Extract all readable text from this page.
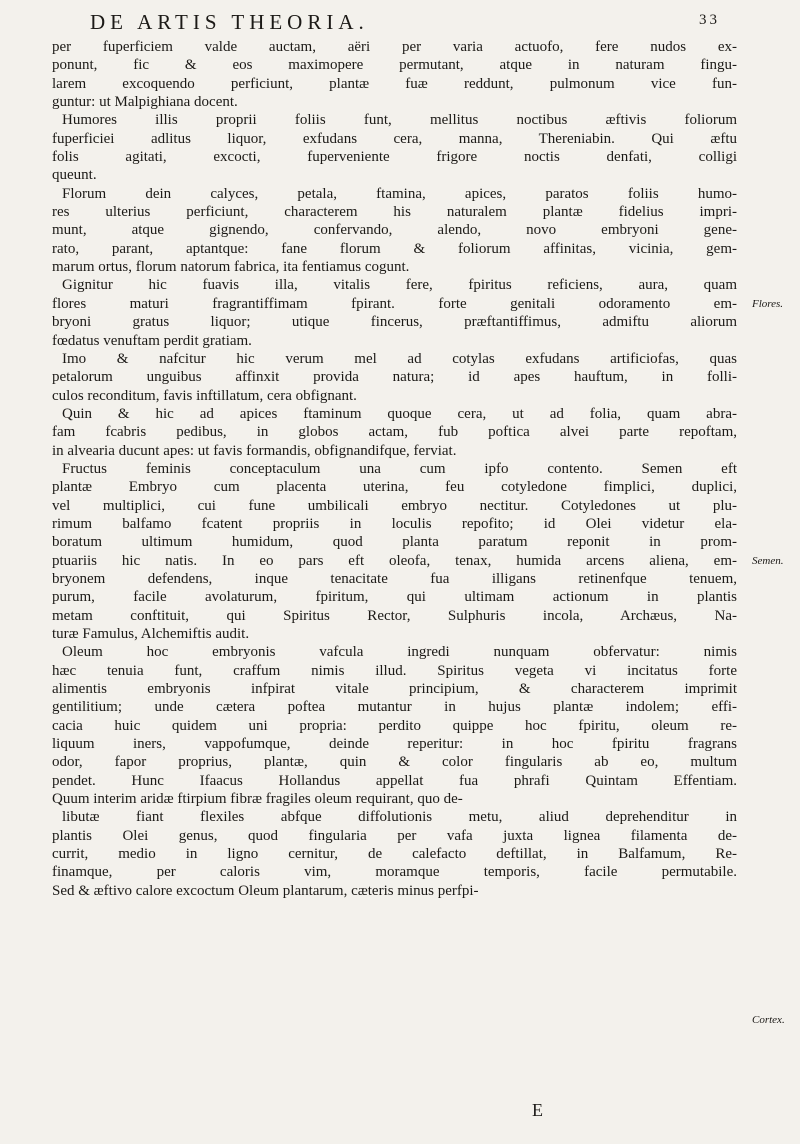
DE ARTIS THEORIA.	33
per fuperficiem valde auctam, aëri per varia actuofo, fere nudos ex-
ponunt, fic & eos maximopere permutant, atque in naturam fingu-
larem excoquendo perficiunt, plantæ fuæ reddunt, pulmonum vice fun-
guntur: ut Malpighiana docent.
Humores illis proprii foliis funt, mellitus noctibus æftivis foliorum
fuperficiei adlitus liquor, exfudans cera, manna, Thereniabin. Qui æftu
folis agitati, excocti, fuperveniente frigore noctis denfati, colligi
queunt.
Florum dein calyces, petala, ftamina, apices, paratos foliis humo-
res ulterius perficiunt, characterem his naturalem plantæ fidelius impri-
munt, atque gignendo, confervando, alendo, novo embryoni gene-
rato, parant, aptantque: fane florum & foliorum affinitas, vicinia, gem-
marum ortus, florum natorum fabrica, ita fentiamus cogunt.
Gignitur hic fuavis illa, vitalis fere, fpiritus reficiens, aura, quam
flores maturi fragrantiffimam fpirant. forte genitali odoramento em-
bryoni gratus liquor; utique fincerus, præftantiffimus, admiftu aliorum
fœdatus venuftam perdit gratiam.
Imo & nafcitur hic verum mel ad cotylas exfudans artificiofas, quas
petalorum unguibus affinxit provida natura; id apes hauftum, in folli-
culos reconditum, favis inftillatum, cera obfignant.
Quin & hic ad apices ftaminum quoque cera, ut ad folia, quam abra-
fam fcabris pedibus, in globos actam, fub poftica alvei parte repoftam,
in alvearia ducunt apes: ut favis formandis, obfignandifque, ferviat.
Fructus feminis conceptaculum una cum ipfo contento. Semen eft
plantæ Embryo cum placenta uterina, feu cotyledone fimplici, duplici,
vel multiplici, cui fune umbilicali embryo nectitur. Cotyledones ut plu-
rimum balfamo fcatent propriis in loculis repofito; id Olei videtur ela-
boratum ultimum humidum, quod planta paratum reponit in prom-
ptuariis hic natis. In eo pars eft oleofa, tenax, humida arcens aliena, em-
bryonem defendens, inque tenacitate fua illigans retinenfque tenuem,
purum, facile avolaturum, fpiritum, qui ultimam actionum in plantis
metam conftituit, qui Spiritus Rector, Sulphuris incola, Archæus, Na-
turæ Famulus, Alchemiftis audit.
Oleum hoc embryonis vafcula ingredi nunquam obfervatur: nimis
hæc tenuia funt, craffum nimis illud. Spiritus vegeta vi incitatus forte
alimentis embryonis infpirat vitale principium, & characterem imprimit
gentilitium; unde cætera poftea mutantur in hujus plantæ indolem; effi-
cacia huic quidem uni propria: perdito quippe hoc fpiritu, oleum re-
liquum iners, vappofumque, deinde reperitur: in hoc fpiritu fragrans
odor, fapor proprius, plantæ, quin & color fingularis ab eo, multum
pendet. Hunc Ifaacus Hollandus appellat fua phrafi Quintam Effentiam.
Quum interim aridæ ftirpium fibræ fragiles oleum requirant, quo de-
libutæ fiant flexiles abfque diffolutionis metu, aliud deprehenditur in
plantis Olei genus, quod fingularia per vafa juxta lignea filamenta de-
currit, medio in ligno cernitur, de calefacto deftillat, in Balfamum, Re-
finamque, per caloris vim, moramque temporis, facile permutabile.
Sed & æftivo calore excoctum Oleum plantarum, cæteris minus perfpi-
Flores.
Semen.
Cortex.
E
